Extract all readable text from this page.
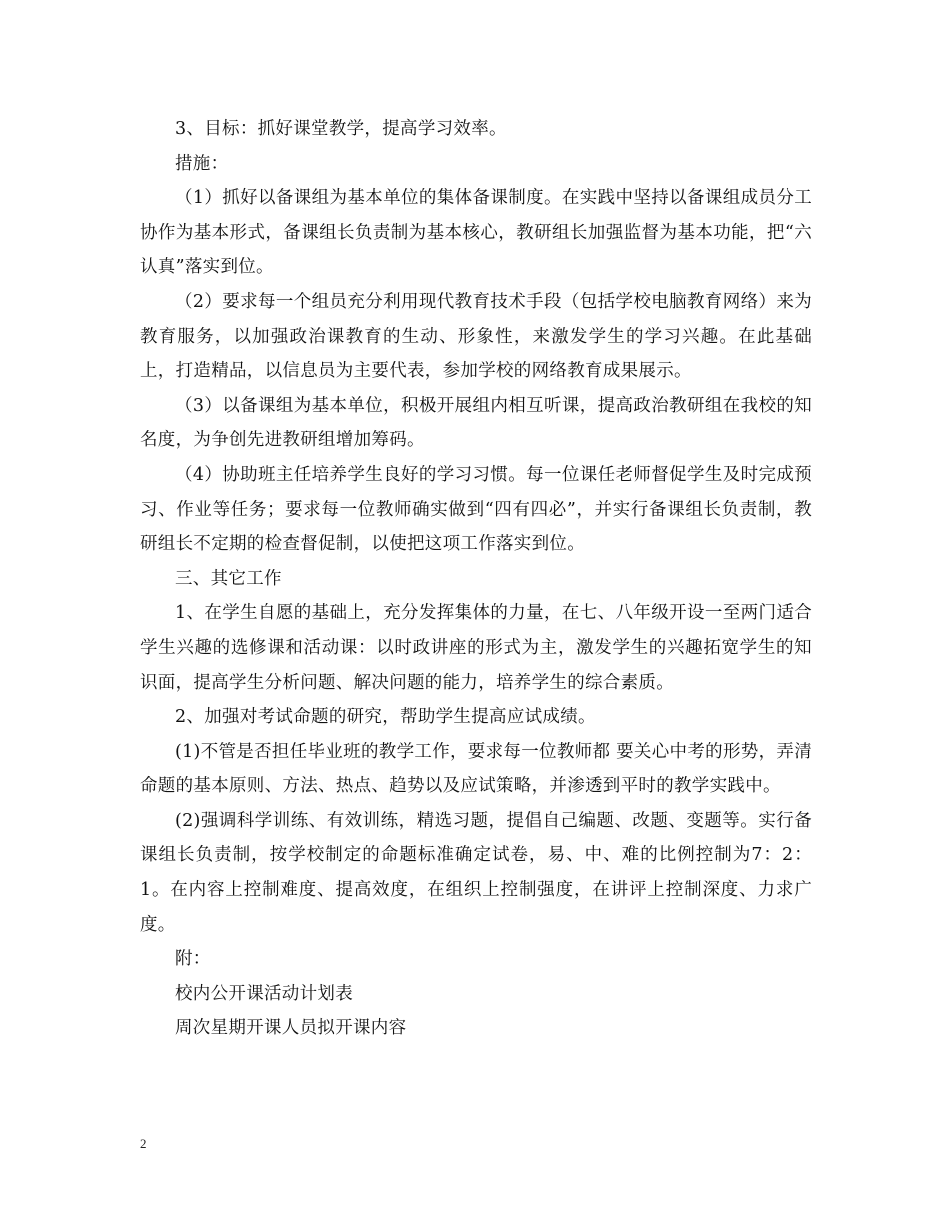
3、目标：抓好课堂教学，提高学习效率。

措施：

（1）抓好以备课组为基本单位的集体备课制度。在实践中坚持以备课组成员分工协作为基本形式，备课组长负责制为基本核心，教研组长加强监督为基本功能，把“六认真”落实到位。

（2）要求每一个组员充分利用现代教育技术手段（包括学校电脑教育网络）来为教育服务，以加强政治课教育的生动、形象性，来激发学生的学习兴趣。在此基础上，打造精品，以信息员为主要代表，参加学校的网络教育成果展示。

（3）以备课组为基本单位，积极开展组内相互听课，提高政治教研组在我校的知名度，为争创先进教研组增加筹码。

（4）协助班主任培养学生良好的学习习惯。每一位课任老师督促学生及时完成预习、作业等任务；要求每一位教师确实做到“四有四必”，并实行备课组长负责制，教研组长不定期的检查督促制，以使把这项工作落实到位。

三、其它工作

1、在学生自愿的基础上，充分发挥集体的力量，在七、八年级开设一至两门适合学生兴趣的选修课和活动课：以时政讲座的形式为主，激发学生的兴趣拓宽学生的知识面，提高学生分析问题、解决问题的能力，培养学生的综合素质。

2、加强对考试命题的研究，帮助学生提高应试成绩。

(1)不管是否担任毕业班的教学工作，要求每一位教师都 要关心中考的形势，弄清命题的基本原则、方法、热点、趋势以及应试策略，并渗透到平时的教学实践中。

(2)强调科学训练、有效训练，精选习题，提倡自己编题、改题、变题等。实行备课组长负责制，按学校制定的命题标准确定试卷，易、中、难的比例控制为7：2：1。在内容上控制难度、提高效度，在组织上控制强度，在讲评上控制深度、力求广度。

附：

校内公开课活动计划表

周次星期开课人员拟开课内容

2
